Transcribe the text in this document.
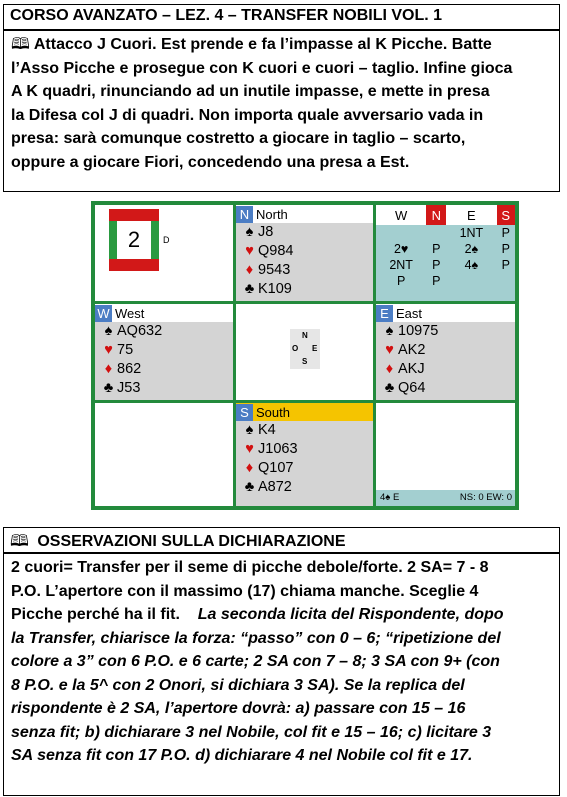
CORSO AVANZATO – LEZ. 4 – TRANSFER NOBILI VOL. 1
🕮 Attacco J Cuori. Est prende e fa l’impasse al K Picche. Batte
l’Asso Picche e prosegue con K cuori e cuori – taglio. Infine gioca
A K quadri, rinunciando ad un inutile impasse, e mette in presa
la Difesa col J di quadri. Non importa quale avversario vada in
presa: sarà comunque costretto a giocare in taglio – scarto,
oppure a giocare Fiori, concedendo una presa a Est.
2	D
N North
♠ J8
♥ Q984
♦ 9543
♣ K109
W	N	E	S
		1NT	P
2♥	P	2♠	P
2NT	P	4♠	P
P	P		
W West
♠ AQ632
♥ 75
♦ 862
♣ J53
N
O E
S
E East
♠ 10975
♥ AK2
♦ AKJ
♣ Q64
S South
♠ K4
♥ J1063
♦ Q107
♣ A872
4♠ E	NS: 0 EW: 0
🕮 OSSERVAZIONI SULLA DICHIARAZIONE
2 cuori= Transfer per il seme di picche debole/forte. 2 SA= 7 - 8
P.O. L’apertore con il massimo (17) chiama manche. Sceglie 4
Picche perché ha il fit. La seconda licita del Rispondente, dopo
la Transfer, chiarisce la forza: “passo” con 0 – 6; “ripetizione del
colore a 3” con 6 P.O. e 6 carte; 2 SA con 7 – 8; 3 SA con 9+ (con
8 P.O. e la 5^ con 2 Onori, si dichiara 3 SA). Se la replica del
rispondente è 2 SA, l’apertore dovrà: a) passare con 15 – 16
senza fit; b) dichiarare 3 nel Nobile, col fit e 15 – 16; c) licitare 3
SA senza fit con 17 P.O. d) dichiarare 4 nel Nobile col fit e 17.
